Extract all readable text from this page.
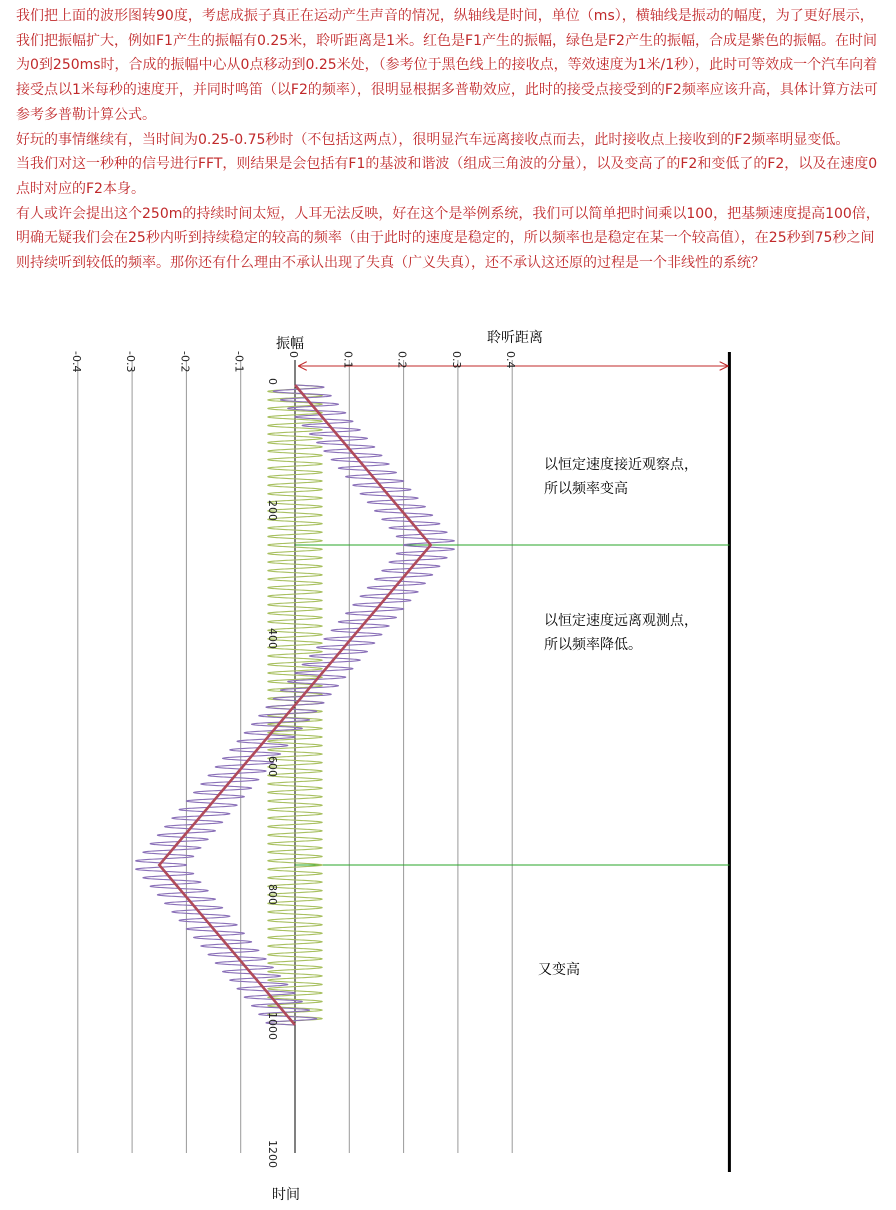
我们把上面的波形图转90度，考虑成振子真正在运动产生声音的情况，纵轴线是时间，单位（ms），横轴线是振动的幅度，为了更好展示，我们把振幅扩大，例如F1产生的振幅有0.25米，聆听距离是1米。红色是F1产生的振幅，绿色是F2产生的振幅，合成是紫色的振幅。在时间为0到250ms时，合成的振幅中心从0点移动到0.25米处，（参考位于黑色线上的接收点，等效速度为1米/1秒），此时可等效成一个汽车向着接受点以1米每秒的速度开，并同时鸣笛（以F2的频率），很明显根据多普勒效应，此时的接受点接受到的F2频率应该升高，具体计算方法可参考多普勒计算公式。

好玩的事情继续有，当时间为0.25-0.75秒时（不包括这两点），很明显汽车远离接收点而去，此时接收点上接收到的F2频率明显变低。

当我们对这一秒种的信号进行FFT，则结果是会包括有F1的基波和谐波（组成三角波的分量），以及变高了的F2和变低了的F2，以及在速度0点时对应的F2本身。

有人或许会提出这个250m的持续时间太短，人耳无法反映，好在这个是举例系统，我们可以简单把时间乘以100，把基频速度提高100倍，明确无疑我们会在25秒内听到持续稳定的较高的频率（由于此时的速度是稳定的，所以频率也是稳定在某一个较高值），在25秒到75秒之间则持续听到较低的频率。那你还有什么理由不承认出现了失真（广义失真），还不承认这还原的过程是一个非线性的系统？

-0.4	-0.3	-0.2	-0.1	0	0.1	0.2	0.3	0.4
0
200
400
600
800
1000
1200
振幅
时间
聆听距离
以恒定速度接近观察点，所以频率变高
以恒定速度远离观测点，所以频率降低。
又变高
